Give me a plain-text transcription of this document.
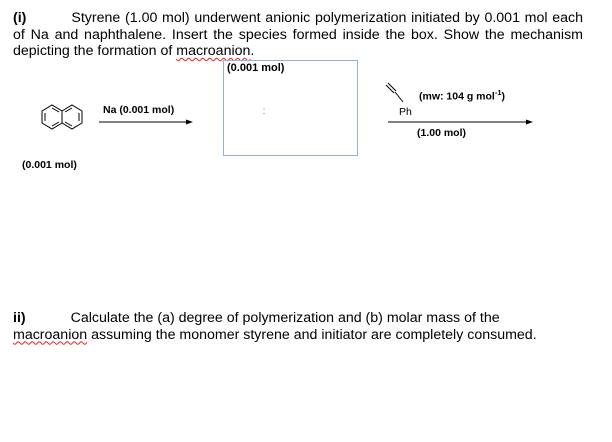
(i)	Styrene (1.00 mol) underwent anionic polymerization initiated by 0.001 mol each of Na and naphthalene. Insert the species formed inside the box. Show the mechanism depicting the formation of macroanion.
(0.001 mol)
Na (0.001 mol)
(0.001 mol)
:	Ph
(mw: 104 g mol$^{-1}$)
(1.00 mol)
ii)	Calculate the (a) degree of polymerization and (b) molar mass of the
macroanion assuming the monomer styrene and initiator are completely consumed.
